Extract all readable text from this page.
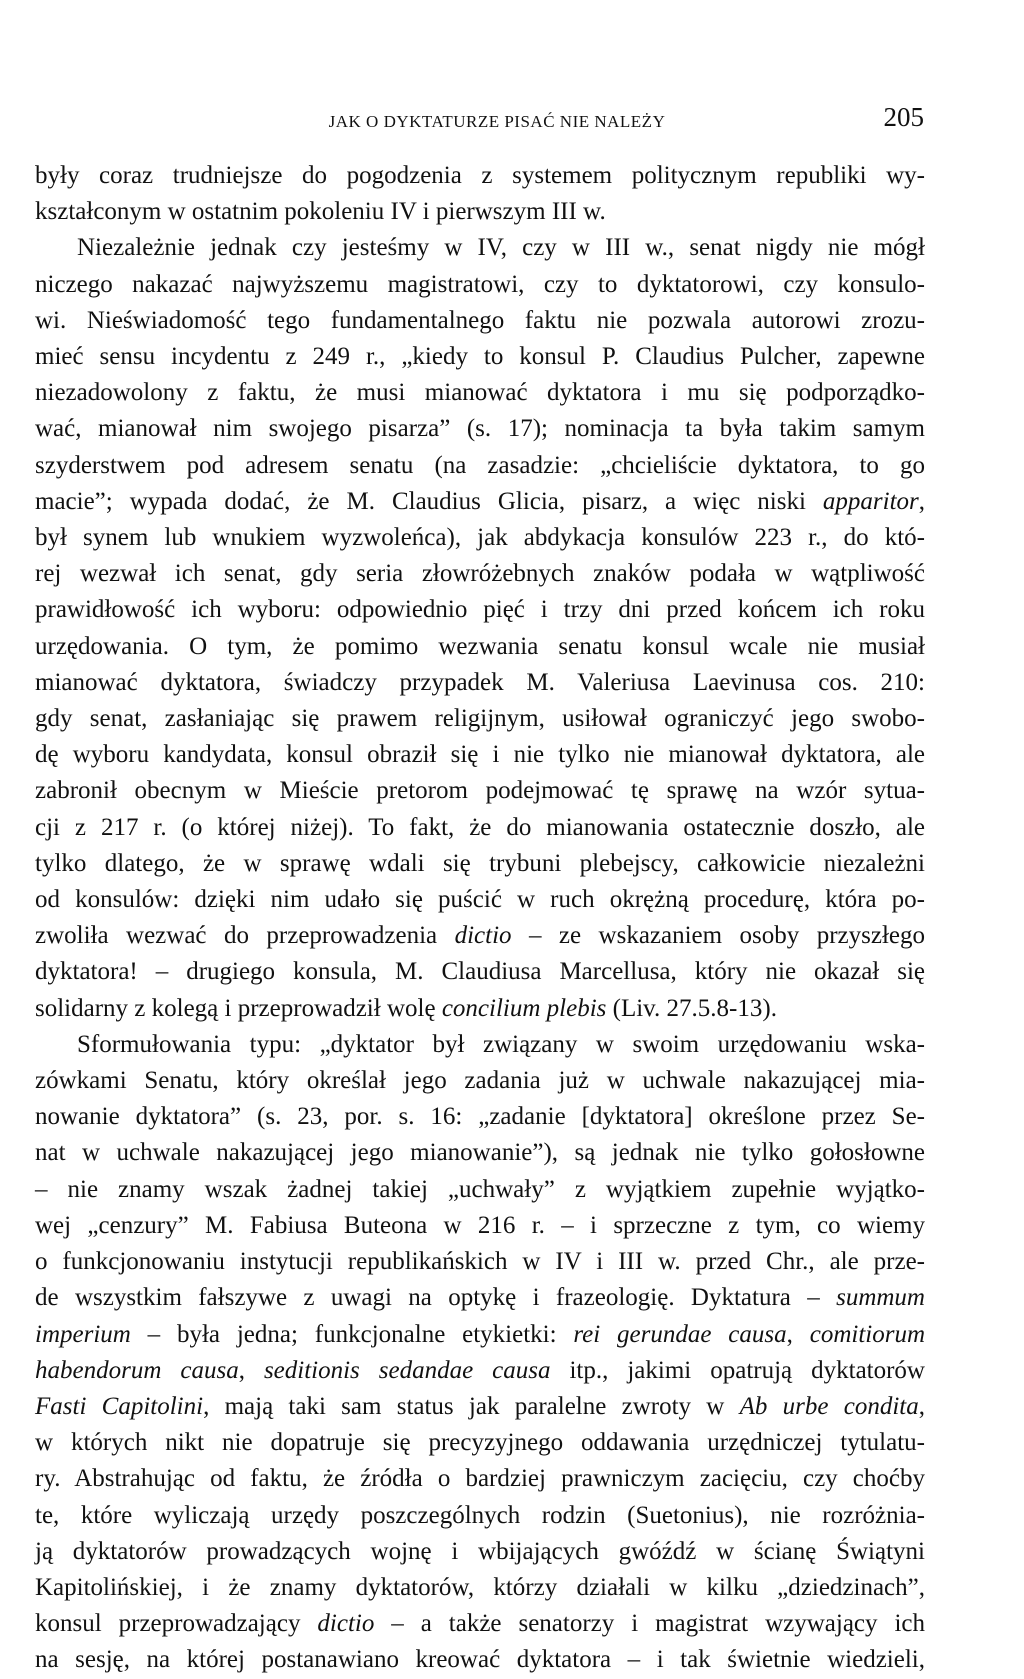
JAK O DYKTATURZE PISAĆ NIE NALEŻY	205
były coraz trudniejsze do pogodzenia z systemem politycznym republiki wy-
kształconym w ostatnim pokoleniu IV i pierwszym III w.
Niezależnie jednak czy jesteśmy w IV, czy w III w., senat nigdy nie mógł
niczego nakazać najwyższemu magistratowi, czy to dyktatorowi, czy konsulo-
wi. Nieświadomość tego fundamentalnego faktu nie pozwala autorowi zrozu-
mieć sensu incydentu z 249 r., „kiedy to konsul P. Claudius Pulcher, zapewne
niezadowolony z faktu, że musi mianować dyktatora i mu się podporządko-
wać, mianował nim swojego pisarza” (s. 17); nominacja ta była takim samym
szyderstwem pod adresem senatu (na zasadzie: „chcieliście dyktatora, to go
macie”; wypada dodać, że M. Claudius Glicia, pisarz, a więc niski apparitor,
był synem lub wnukiem wyzwoleńca), jak abdykacja konsulów 223 r., do któ-
rej wezwał ich senat, gdy seria złowróżebnych znaków podała w wątpliwość
prawidłowość ich wyboru: odpowiednio pięć i trzy dni przed końcem ich roku
urzędowania. O tym, że pomimo wezwania senatu konsul wcale nie musiał
mianować dyktatora, świadczy przypadek M. Valeriusa Laevinusa cos. 210:
gdy senat, zasłaniając się prawem religijnym, usiłował ograniczyć jego swobo-
dę wyboru kandydata, konsul obraził się i nie tylko nie mianował dyktatora, ale
zabronił obecnym w Mieście pretorom podejmować tę sprawę na wzór sytua-
cji z 217 r. (o której niżej). To fakt, że do mianowania ostatecznie doszło, ale
tylko dlatego, że w sprawę wdali się trybuni plebejscy, całkowicie niezależni
od konsulów: dzięki nim udało się puścić w ruch okrężną procedurę, która po-
zwoliła wezwać do przeprowadzenia dictio – ze wskazaniem osoby przyszłego
dyktatora! – drugiego konsula, M. Claudiusa Marcellusa, który nie okazał się
solidarny z kolegą i przeprowadził wolę concilium plebis (Liv. 27.5.8-13).
Sformułowania typu: „dyktator był związany w swoim urzędowaniu wska-
zówkami Senatu, który określał jego zadania już w uchwale nakazującej mia-
nowanie dyktatora” (s. 23, por. s. 16: „zadanie [dyktatora] określone przez Se-
nat w uchwale nakazującej jego mianowanie”), są jednak nie tylko gołosłowne
– nie znamy wszak żadnej takiej „uchwały” z wyjątkiem zupełnie wyjątko-
wej „cenzury” M. Fabiusa Buteona w 216 r. – i sprzeczne z tym, co wiemy
o funkcjonowaniu instytucji republikańskich w IV i III w. przed Chr., ale prze-
de wszystkim fałszywe z uwagi na optykę i frazeologię. Dyktatura – summum
imperium – była jedna; funkcjonalne etykietki: rei gerundae causa, comitiorum
habendorum causa, seditionis sedandae causa itp., jakimi opatrują dyktatorów
Fasti Capitolini, mają taki sam status jak paralelne zwroty w Ab urbe condita,
w których nikt nie dopatruje się precyzyjnego oddawania urzędniczej tytulatu-
ry. Abstrahując od faktu, że źródła o bardziej prawniczym zacięciu, czy choćby
te, które wyliczają urzędy poszczególnych rodzin (Suetonius), nie rozróżnia-
ją dyktatorów prowadzących wojnę i wbijających gwóźdź w ścianę Świątyni
Kapitolińskiej, i że znamy dyktatorów, którzy działali w kilku „dziedzinach”,
konsul przeprowadzający dictio – a także senatorzy i magistrat wzywający ich
na sesję, na której postanawiano kreować dyktatora – i tak świetnie wiedzieli,
